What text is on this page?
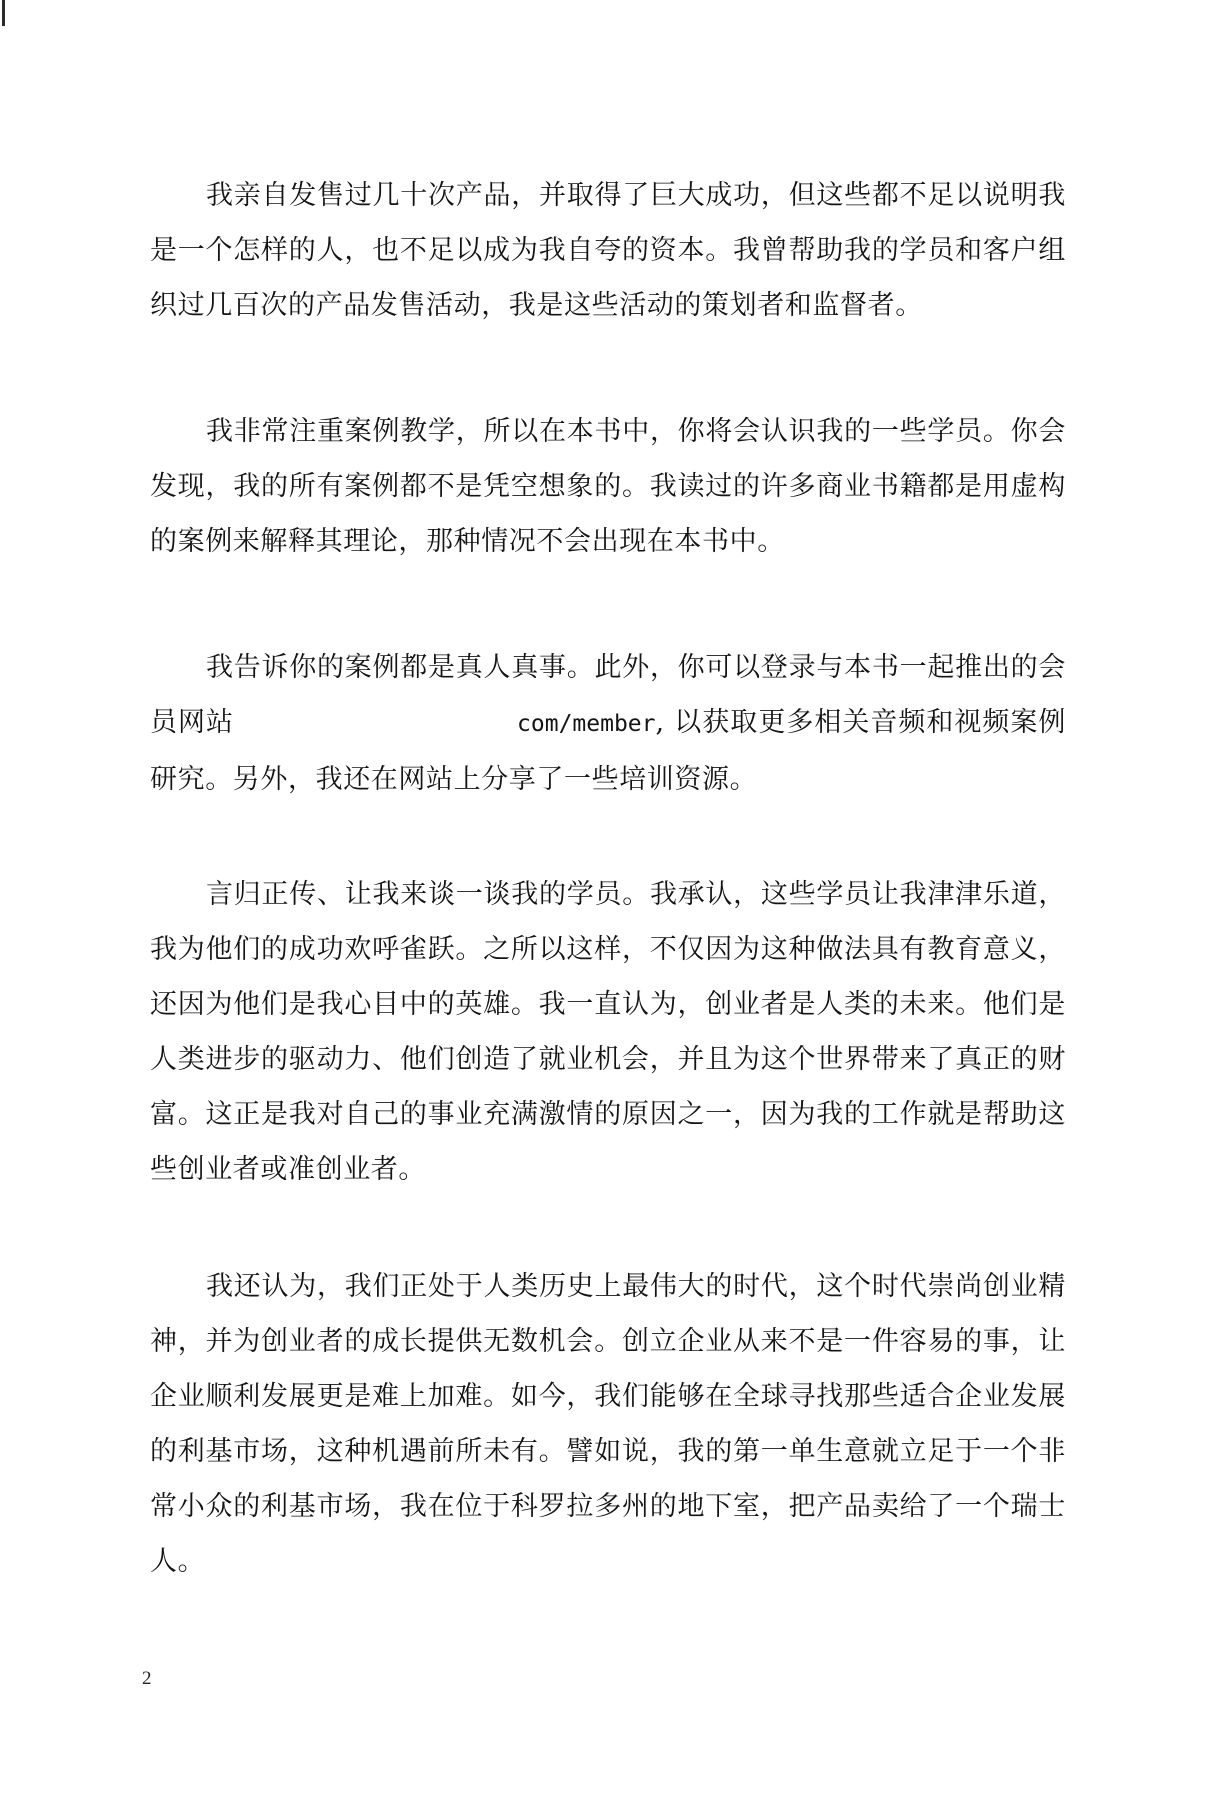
我亲自发售过几十次产品，并取得了巨大成功，但这些都不足以说明我是一个怎样的人，也不足以成为我自夸的资本。我曾帮助我的学员和客户组织过几百次的产品发售活动，我是这些活动的策划者和监督者。

我非常注重案例教学，所以在本书中，你将会认识我的一些学员。你会发现，我的所有案例都不是凭空想象的。我读过的许多商业书籍都是用虚构的案例来解释其理论，那种情况不会出现在本书中。

我告诉你的案例都是真人真事。此外，你可以登录与本书一起推出的会员网站	com/member, 以获取更多相关音频和视频案例研究。另外，我还在网站上分享了一些培训资源。

言归正传、让我来谈一谈我的学员。我承认，这些学员让我津津乐道，我为他们的成功欢呼雀跃。之所以这样，不仅因为这种做法具有教育意义，还因为他们是我心目中的英雄。我一直认为，创业者是人类的未来。他们是人类进步的驱动力、他们创造了就业机会，并且为这个世界带来了真正的财富。这正是我对自己的事业充满激情的原因之一，因为我的工作就是帮助这些创业者或准创业者。

我还认为，我们正处于人类历史上最伟大的时代，这个时代崇尚创业精神，并为创业者的成长提供无数机会。创立企业从来不是一件容易的事，让企业顺利发展更是难上加难。如今，我们能够在全球寻找那些适合企业发展的利基市场，这种机遇前所未有。譬如说，我的第一单生意就立足于一个非常小众的利基市场，我在位于科罗拉多州的地下室，把产品卖给了一个瑞士人。

2
